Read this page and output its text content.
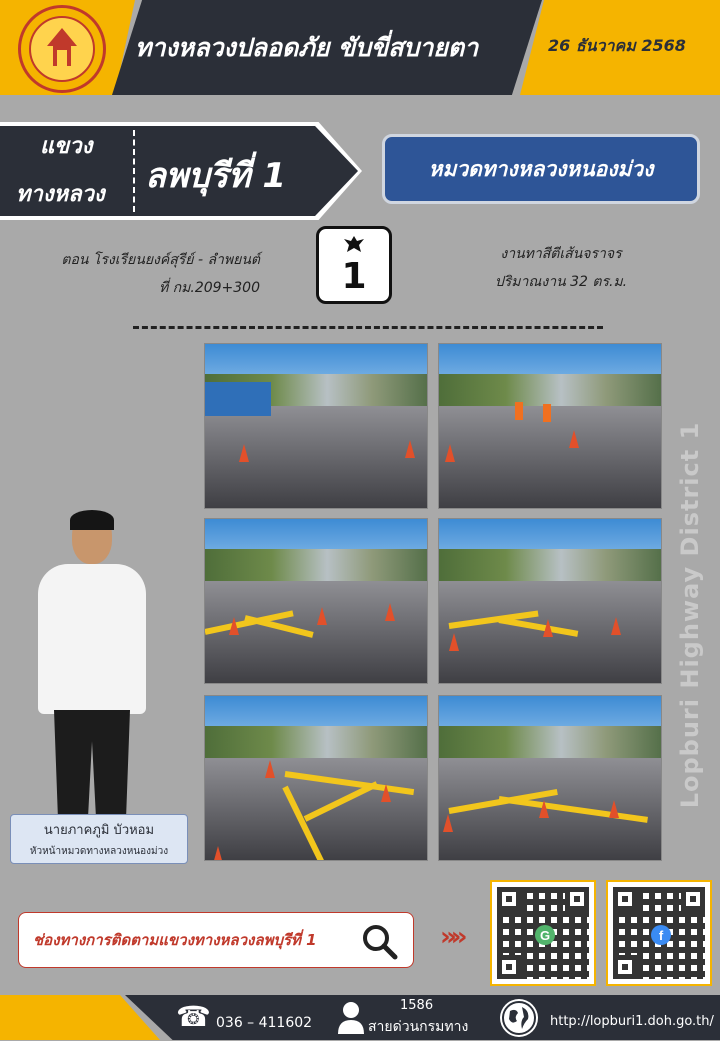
ทางหลวงปลอดภัย ขับขี่สบายตา	26 ธันวาคม 2568
แขวง
ทางหลวง ลพบุรีที่ 1	หมวดทางหลวงหนองม่วง
ตอน โรงเรียนยงค์สุรีย์ - ลำพยนต์
ที่ กม.209+300 1
งานทาสีตีเส้นจราจร
ปริมาณงาน 32 ตร.ม.
นายภาคภูมิ บัวหอม
หัวหน้าหมวดทางหลวงหนองม่วง
Lopburi Highway District 1
ช่องทางการติดตามแขวงทางหลวงลพบุรีที่ 1	»»	G	f
☎ 036 – 411602
1586
สายด่วนกรมทาง	http://lopburi1.doh.go.th/
